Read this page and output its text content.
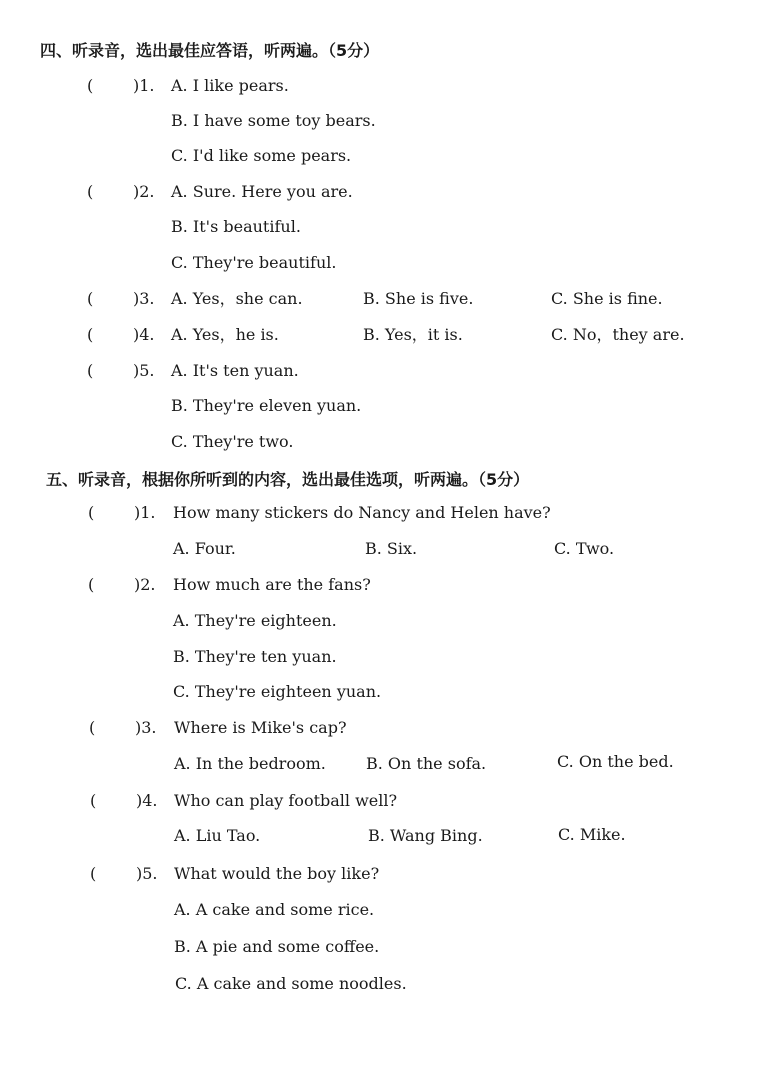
四、听录音，选出最佳应答语，听两遍。（5分）
( )1. A. I like pears.
B. I have some toy bears.
C. I'd like some pears.
( )2. A. Sure. Here you are.
B. It's beautiful.
C. They're beautiful.
( )3. A. Yes，she can.	B. She is five.	C. She is fine.
( )4. A. Yes，he is.	B. Yes，it is.	C. No，they are.
( )5. A. It's ten yuan.
B. They're eleven yuan.
C. They're two.
五、听录音，根据你所听到的内容，选出最佳选项，听两遍。（5分）
( )1. How many stickers do Nancy and Helen have?
A. Four.	B. Six.	C. Two.
( )2. How much are the fans?
A. They're eighteen.
B. They're ten yuan.
C. They're eighteen yuan.
( )3. Where is Mike's cap?
A. In the bedroom.	B. On the sofa.	C. On the bed.
( )4. Who can play football well?
A. Liu Tao.	B. Wang Bing.	C. Mike.
( )5. What would the boy like?
A. A cake and some rice.
B. A pie and some coffee.
C. A cake and some noodles.
